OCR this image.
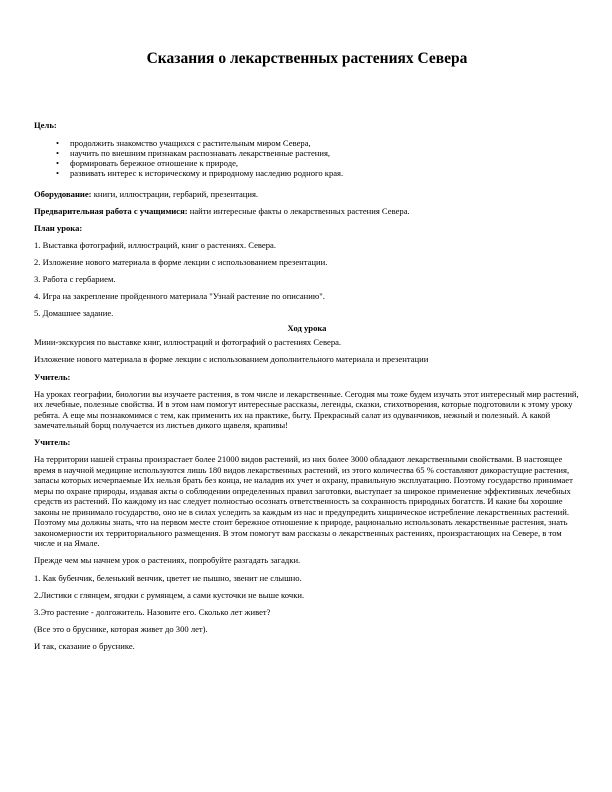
Сказания о лекарственных растениях Севера
Цель:
• продолжить знакомство учащихся с растительным миром Севера,
• научить по внешним признакам распознавать лекарственные растения,
• формировать бережное отношение к природе,
• развивать интерес к историческому и природному наследию родного края.
Оборудование: книги, иллюстрации, гербарий, презентация.
Предварительная работа с учащимися: найти интересные факты о лекарственных растения Севера.
План урока:
1. Выставка фотографий, иллюстраций, книг о растениях. Севера.
2. Изложение нового материала в форме лекции с использованием презентации.
3. Работа с гербарием.
4. Игра на закрепление пройденного материала "Узнай растение по описанию".
5. Домашнее задание.
Ход урока
Мини-экскурсия по выставке книг, иллюстраций и фотографий о растениях Севера.
Изложение нового материала в форме лекции с использованием дополнительного материала и презентации
Учитель:
На уроках географии, биологии вы изучаете растения, в том числе и лекарственные. Сегодня мы тоже будем изучать этот интересный мир растений, их лечебные, полезные свойства. И в этом нам помогут интересные рассказы, легенды, сказки, стихотворения, которые подготовили к этому уроку ребята. А еще мы познакомимся с тем, как применить их на практике, быту. Прекрасный салат из одуванчиков, нежный и полезный. А какой замечательный борщ получается из листьев дикого щавеля, крапивы!
Учитель:
На территории нашей страны произрастает более 21000 видов растений, из них более 3000 обладают лекарственными свойствами. В настоящее время в научной медицине используются лишь 180 видов лекарственных растений, из этого количества 65 % составляют дикорастущие растения, запасы которых исчерпаемые Их нельзя брать без конца, не наладив их учет и охрану, правильную эксплуатацию. Поэтому государство принимает меры по охране природы, издавая акты о соблюдении определенных правил заготовки, выступает за широкое применение эффективных лечебных средств из растений. По каждому из нас следует полностью осознать ответственность за сохранность природных богатств. И какие бы хорошие законы не принимало государство, оно не в силах уследить за каждым из нас и предупредить хищническое истребление лекарственных растений. Поэтому мы должны знать, что на первом месте стоит бережное отношение к природе, рационально использовать лекарственные растения, знать закономерности их территориального размещения. В этом помогут вам рассказы о лекарственных растениях, произрастающих на Севере, в том числе и на Ямале.
Прежде чем мы начнем урок о растениях, попробуйте разгадать загадки.
1. Как бубенчик, беленький венчик, цветет не пышно, звенит не слышно.
2.Листики с глянцем, ягодки с румянцем, а сами кусточки не выше кочки.
3.Это растение - долгожитель. Назовите его. Сколько лет живет?
(Все это о бруснике, которая живет до 300 лет).
И так, сказание о бруснике.
